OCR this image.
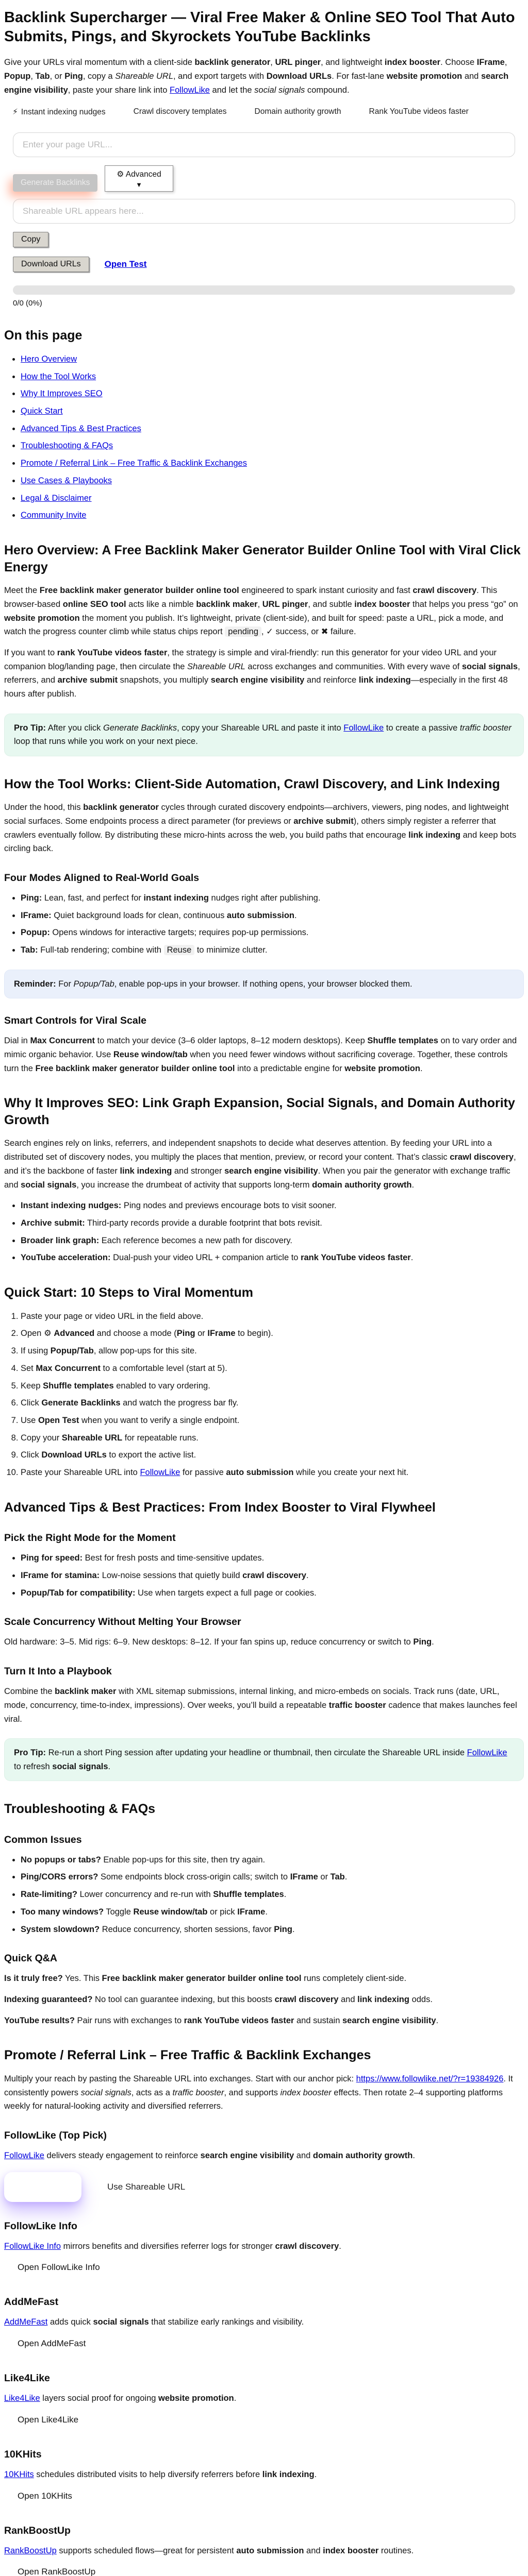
Backlink Supercharger — Viral Free Maker & Online SEO Tool That Auto Submits, Pings, and Skyrockets YouTube Backlinks

Give your URLs viral momentum with a client-side backlink generator, URL pinger, and lightweight index booster. Choose IFrame, Popup, Tab, or Ping, copy a Shareable URL, and export targets with Download URLs. For fast-lane website promotion and search engine visibility, paste your share link into FollowLike and let the social signals compound.

⚡ Instant indexing nudges	Crawl discovery templates	Domain authority growth	Rank YouTube videos faster
Enter your page URL...
Generate Backlinks
⚙ Advanced
▼
Shareable URL appears here...
Copy
Download URLs	Open Test
0/0 (0%)
On this page
• Hero Overview
• How the Tool Works
• Why It Improves SEO
• Quick Start
• Advanced Tips & Best Practices
• Troubleshooting & FAQs
• Promote / Referral Link – Free Traffic & Backlink Exchanges
• Use Cases & Playbooks
• Legal & Disclaimer
• Community Invite
Hero Overview: A Free Backlink Maker Generator Builder Online Tool with Viral Click Energy

Meet the Free backlink maker generator builder online tool engineered to spark instant curiosity and fast crawl discovery. This browser-based online SEO tool acts like a nimble backlink maker, URL pinger, and subtle index booster that helps you press “go” on website promotion the moment you publish. It’s lightweight, private (client-side), and built for speed: paste a URL, pick a mode, and watch the progress counter climb while status chips report pending , ✓ success, or ✖ failure.

If you want to rank YouTube videos faster, the strategy is simple and viral-friendly: run this generator for your video URL and your companion blog/landing page, then circulate the Shareable URL across exchanges and communities. With every wave of social signals, referrers, and archive submit snapshots, you multiply search engine visibility and reinforce link indexing—especially in the first 48 hours after publish.

Pro Tip: After you click Generate Backlinks, copy your Shareable URL and paste it into FollowLike to create a passive traffic booster loop that runs while you work on your next piece.
How the Tool Works: Client-Side Automation, Crawl Discovery, and Link Indexing

Under the hood, this backlink generator cycles through curated discovery endpoints—archivers, viewers, ping nodes, and lightweight social surfaces. Some endpoints process a direct parameter (for previews or archive submit), others simply register a referrer that crawlers eventually follow. By distributing these micro-hints across the web, you build paths that encourage link indexing and keep bots circling back.

Four Modes Aligned to Real-World Goals
• Ping: Lean, fast, and perfect for instant indexing nudges right after publishing.
• IFrame: Quiet background loads for clean, continuous auto submission.
• Popup: Opens windows for interactive targets; requires pop-up permissions.
• Tab: Full-tab rendering; combine with Reuse to minimize clutter.
Reminder: For Popup/Tab, enable pop-ups in your browser. If nothing opens, your browser blocked them.
Smart Controls for Viral Scale

Dial in Max Concurrent to match your device (3–6 older laptops, 8–12 modern desktops). Keep Shuffle templates on to vary order and mimic organic behavior. Use Reuse window/tab when you need fewer windows without sacrificing coverage. Together, these controls turn the Free backlink maker generator builder online tool into a predictable engine for website promotion.

Why It Improves SEO: Link Graph Expansion, Social Signals, and Domain Authority Growth

Search engines rely on links, referrers, and independent snapshots to decide what deserves attention. By feeding your URL into a distributed set of discovery nodes, you multiply the places that mention, preview, or record your content. That’s classic crawl discovery, and it’s the backbone of faster link indexing and stronger search engine visibility. When you pair the generator with exchange traffic and social signals, you increase the drumbeat of activity that supports long-term domain authority growth.

• Instant indexing nudges: Ping nodes and previews encourage bots to visit sooner.
• Archive submit: Third-party records provide a durable footprint that bots revisit.
• Broader link graph: Each reference becomes a new path for discovery.
• YouTube acceleration: Dual-push your video URL + companion article to rank YouTube videos faster.
Quick Start: 10 Steps to Viral Momentum
1. Paste your page or video URL in the field above.
2. Open ⚙ Advanced and choose a mode (Ping or IFrame to begin).
3. If using Popup/Tab, allow pop-ups for this site.
4. Set Max Concurrent to a comfortable level (start at 5).
5. Keep Shuffle templates enabled to vary ordering.
6. Click Generate Backlinks and watch the progress bar fly.
7. Use Open Test when you want to verify a single endpoint.
8. Copy your Shareable URL for repeatable runs.
9. Click Download URLs to export the active list.
10. Paste your Shareable URL into FollowLike for passive auto submission while you create your next hit.
Advanced Tips & Best Practices: From Index Booster to Viral Flywheel
Pick the Right Mode for the Moment
• Ping for speed: Best for fresh posts and time-sensitive updates.
• IFrame for stamina: Low-noise sessions that quietly build crawl discovery.
• Popup/Tab for compatibility: Use when targets expect a full page or cookies.
Scale Concurrency Without Melting Your Browser

Old hardware: 3–5. Mid rigs: 6–9. New desktops: 8–12. If your fan spins up, reduce concurrency or switch to Ping.

Turn It Into a Playbook

Combine the backlink maker with XML sitemap submissions, internal linking, and micro-embeds on socials. Track runs (date, URL, mode, concurrency, time-to-index, impressions). Over weeks, you’ll build a repeatable traffic booster cadence that makes launches feel viral.

Pro Tip: Re-run a short Ping session after updating your headline or thumbnail, then circulate the Shareable URL inside FollowLike to refresh social signals.
Troubleshooting & FAQs
Common Issues
• No popups or tabs? Enable pop-ups for this site, then try again.
• Ping/CORS errors? Some endpoints block cross-origin calls; switch to IFrame or Tab.
• Rate-limiting? Lower concurrency and re-run with Shuffle templates.
• Too many windows? Toggle Reuse window/tab or pick IFrame.
• System slowdown? Reduce concurrency, shorten sessions, favor Ping.
Quick Q&A

Is it truly free? Yes. This Free backlink maker generator builder online tool runs completely client-side.

Indexing guaranteed? No tool can guarantee indexing, but this boosts crawl discovery and link indexing odds.

YouTube results? Pair runs with exchanges to rank YouTube videos faster and sustain search engine visibility.

Promote / Referral Link – Free Traffic & Backlink Exchanges

Multiply your reach by pasting the Shareable URL into exchanges. Start with our anchor pick: https://www.followlike.net/?r=19384926. It consistently powers social signals, acts as a traffic booster, and supports index booster effects. Then rotate 2–4 supporting platforms weekly for natural-looking activity and diversified referrers.

FollowLike (Top Pick)

FollowLike delivers steady engagement to reinforce search engine visibility and domain authority growth.

Use Shareable URL
FollowLike Info

FollowLike Info mirrors benefits and diversifies referrer logs for stronger crawl discovery.

Open FollowLike Info
AddMeFast

AddMeFast adds quick social signals that stabilize early rankings and visibility.

Open AddMeFast
Like4Like

Like4Like layers social proof for ongoing website promotion.

Open Like4Like
10KHits

10KHits schedules distributed visits to help diversify referrers before link indexing.

Open 10KHits
RankBoostUp

RankBoostUp supports scheduled flows—great for persistent auto submission and index booster routines.

Open RankBoostUp
